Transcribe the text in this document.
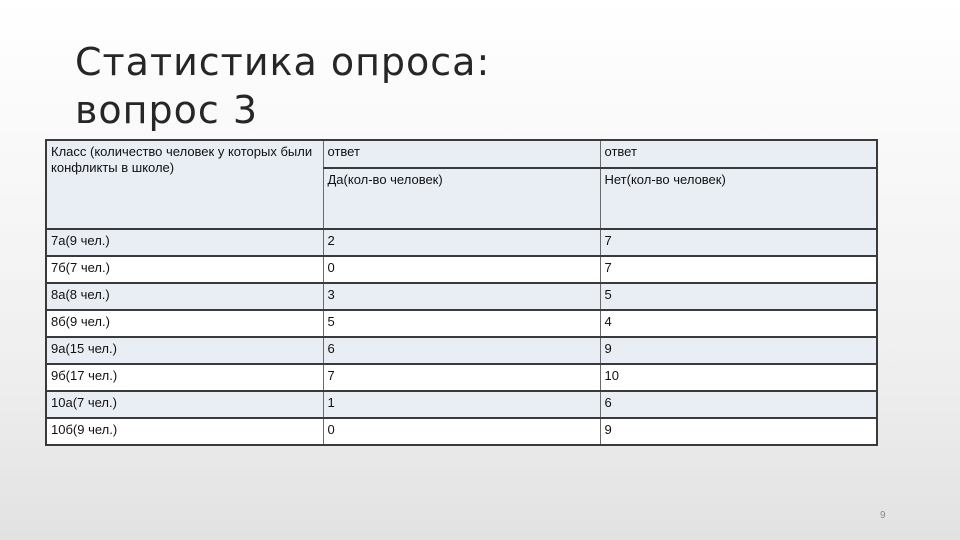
Статистика опроса:
вопрос 3
Класс (количество человек у которых были конфликты в школе)	ответ	ответ
	Да(кол-во человек)	Нет(кол-во человек)
7а(9 чел.)	2	7
7б(7 чел.)	0	7
8а(8 чел.)	3	5
8б(9 чел.)	5	4
9а(15 чел.)	6	9
9б(17 чел.)	7	10
10а(7 чел.)	1	6
10б(9 чел.)	0	9
9
